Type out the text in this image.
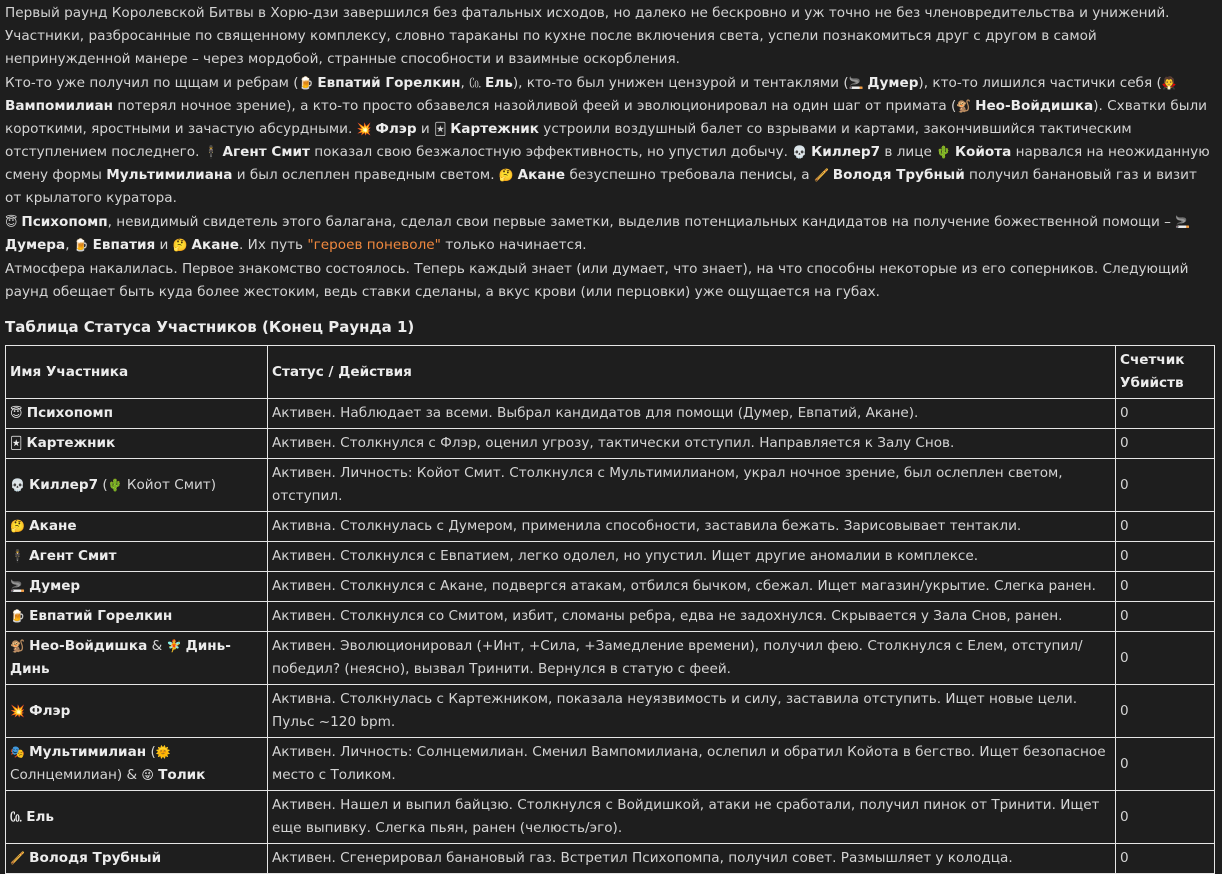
Первый раунд Королевской Битвы в Хорю-дзи завершился без фатальных исходов, но далеко не бескровно и уж точно не без членовредительства и унижений. Участники, разбросанные по священному комплексу, словно тараканы по кухне после включения света, успели познакомиться друг с другом в самой непринужденной манере – через мордобой, странные способности и взаимные оскорбления.

Кто-то уже получил по щщам и ребрам (🍺 Евпатий Горелкин, ㏇ Ель), кто-то был унижен цензурой и тентаклями (🚬 Думер), кто-то лишился частички себя (🧛 Вампомилиан потерял ночное зрение), а кто-то просто обзавелся назойливой феей и эволюционировал на один шаг от примата (🐒 Нео-Войдишка). Схватки были короткими, яростными и зачастую абсурдными. 💥 Флэр и 🃏 Картежник устроили воздушный балет со взрывами и картами, закончившийся тактическим отступлением последнего. 🕴 Агент Смит показал свою безжалостную эффективность, но упустил добычу. 💀 Киллер7 в лице 🌵 Койота нарвался на неожиданную смену формы Мультимилиана и был ослеплен праведным светом. 🤔 Акане безуспешно требовала пенисы, а 🪈 Володя Трубный получил банановый газ и визит от крылатого куратора.

😇 Психопомп, невидимый свидетель этого балагана, сделал свои первые заметки, выделив потенциальных кандидатов на получение божественной помощи – 🚬 Думера, 🍺 Евпатия и 🤔 Акане. Их путь "героев поневоле" только начинается.

Атмосфера накалилась. Первое знакомство состоялось. Теперь каждый знает (или думает, что знает), на что способны некоторые из его соперников. Следующий раунд обещает быть куда более жестоким, ведь ставки сделаны, а вкус крови (или перцовки) уже ощущается на губах.

Таблица Статуса Участников (Конец Раунда 1)
Имя Участника	Статус / Действия	Счетчик Убийств
😇 Психопомп	Активен. Наблюдает за всеми. Выбрал кандидатов для помощи (Думер, Евпатий, Акане).	0
🃏 Картежник	Активен. Столкнулся с Флэр, оценил угрозу, тактически отступил. Направляется к Залу Снов.	0
💀 Киллер7 (🌵 Койот Смит)	Активен. Личность: Койот Смит. Столкнулся с Мультимилианом, украл ночное зрение, был ослеплен светом, отступил.	0
🤔 Акане	Активна. Столкнулась с Думером, применила способности, заставила бежать. Зарисовывает тентакли.	0
🕴 Агент Смит	Активен. Столкнулся с Евпатием, легко одолел, но упустил. Ищет другие аномалии в комплексе.	0
🚬 Думер	Активен. Столкнулся с Акане, подвергся атакам, отбился бычком, сбежал. Ищет магазин/укрытие. Слегка ранен.	0
🍺 Евпатий Горелкин	Активен. Столкнулся со Смитом, избит, сломаны ребра, едва не задохнулся. Скрывается у Зала Снов, ранен.	0
🐒 Нео-Войдишка & 🧚 Динь-Динь	Активен. Эволюционировал (+Инт, +Сила, +Замедление времени), получил фею. Столкнулся с Елем, отступил/победил? (неясно), вызвал Тринити. Вернулся в статую с феей.	0
💥 Флэр	Активна. Столкнулась с Картежником, показала неуязвимость и силу, заставила отступить. Ищет новые цели. Пульс ~120 bpm.	0
🎭 Мультимилиан (🌞 Солнцемилиан) & 😜 Толик	Активен. Личность: Солнцемилиан. Сменил Вампомилиана, ослепил и обратил Койота в бегство. Ищет безопасное место с Толиком.	0
㏇ Ель	Активен. Нашел и выпил байцзю. Столкнулся с Войдишкой, атаки не сработали, получил пинок от Тринити. Ищет еще выпивку. Слегка пьян, ранен (челюсть/эго).	0
🪈 Володя Трубный	Активен. Сгенерировал банановый газ. Встретил Психопомпа, получил совет. Размышляет у колодца.	0
